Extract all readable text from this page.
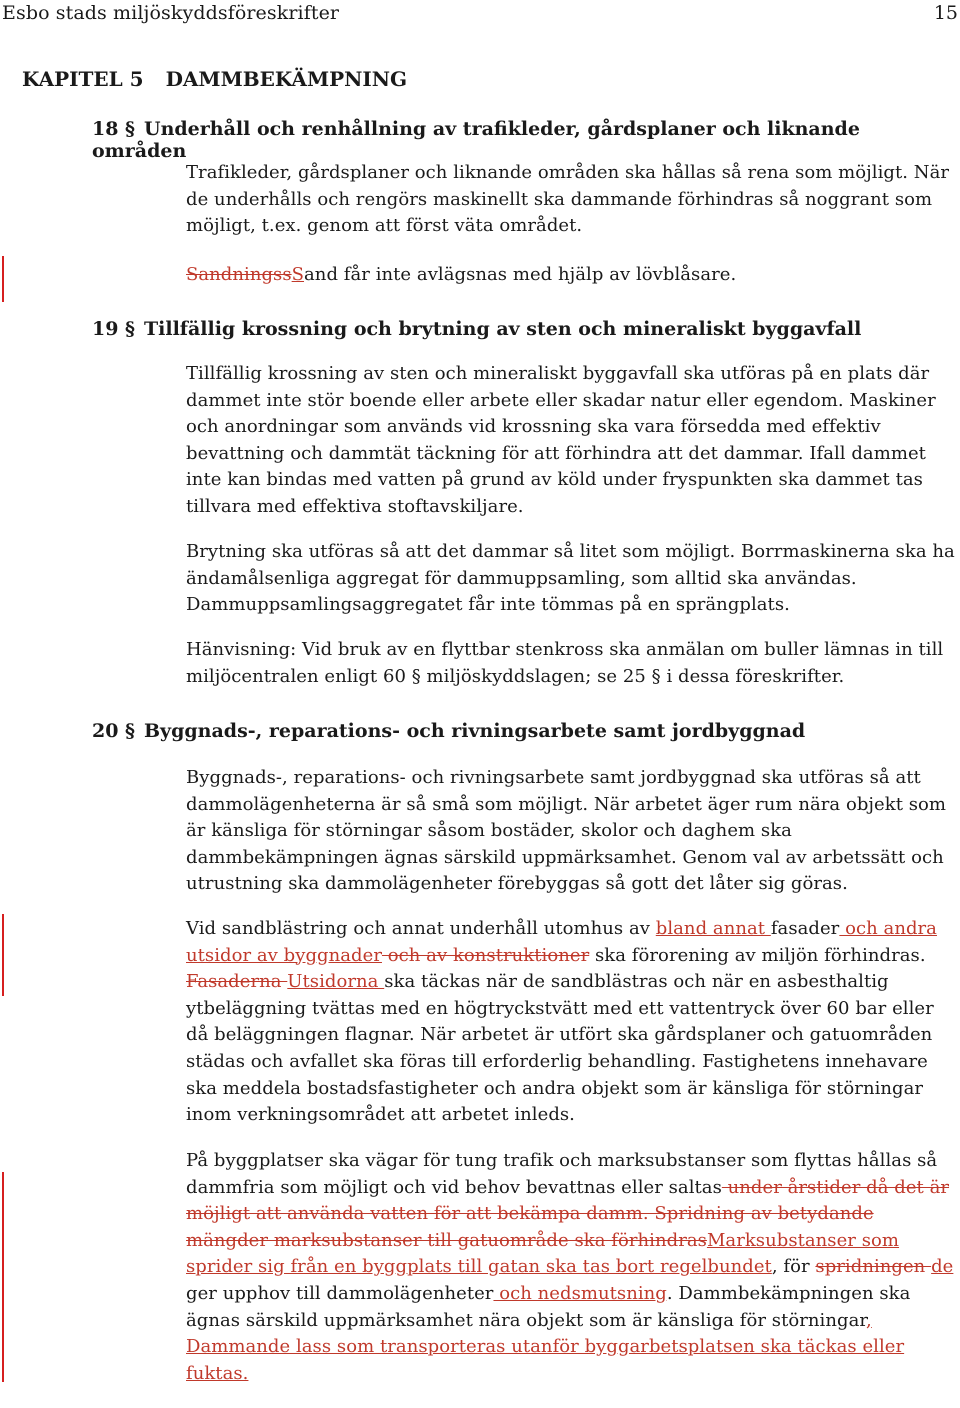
Esbo stads miljöskyddsföreskrifter	15
KAPITEL 5 DAMMBEKÄMPNING
18 § Underhåll och renhållning av trafikleder, gårdsplaner och liknande områden

Trafikleder, gårdsplaner och liknande områden ska hållas så rena som möjligt. När de underhålls och rengörs maskinellt ska dammande förhindras så noggrant som möjligt, t.ex. genom att först väta området.

SandningssSand får inte avlägsnas med hjälp av lövblåsare.

19 § Tillfällig krossning och brytning av sten och mineraliskt byggavfall

Tillfällig krossning av sten och mineraliskt byggavfall ska utföras på en plats där dammet inte stör boende eller arbete eller skadar natur eller egendom. Maskiner och anordningar som används vid krossning ska vara försedda med effektiv bevattning och dammtät täckning för att förhindra att det dammar. Ifall dammet inte kan bindas med vatten på grund av köld under fryspunkten ska dammet tas tillvara med effektiva stoftavskiljare.

Brytning ska utföras så att det dammar så litet som möjligt. Borrmaskinerna ska ha ändamålsenliga aggregat för dammuppsamling, som alltid ska användas. Dammuppsamlingsaggregatet får inte tömmas på en sprängplats.

Hänvisning: Vid bruk av en flyttbar stenkross ska anmälan om buller lämnas in till miljöcentralen enligt 60 § miljöskyddslagen; se 25 § i dessa föreskrifter.

20 § Byggnads-, reparations- och rivningsarbete samt jordbyggnad

Byggnads-, reparations- och rivningsarbete samt jordbyggnad ska utföras så att dammolägenheterna är så små som möjligt. När arbetet äger rum nära objekt som är känsliga för störningar såsom bostäder, skolor och daghem ska dammbekämpningen ägnas särskild uppmärksamhet. Genom val av arbetssätt och utrustning ska dammolägenheter förebyggas så gott det låter sig göras.

Vid sandblästring och annat underhåll utomhus av bland annat fasader och andra utsidor av byggnader och av konstruktioner ska förorening av miljön förhindras. Fasaderna Utsidorna ska täckas när de sandblästras och när en asbesthaltig ytbeläggning tvättas med en högtryckstvätt med ett vattentryck över 60 bar eller då beläggningen flagnar. När arbetet är utfört ska gårdsplaner och gatuområden städas och avfallet ska föras till erforderlig behandling. Fastighetens innehavare ska meddela bostadsfastigheter och andra objekt som är känsliga för störningar inom verkningsområdet att arbetet inleds.

På byggplatser ska vägar för tung trafik och marksubstanser som flyttas hållas så dammfria som möjligt och vid behov bevattnas eller saltas under årstider då det är möjligt att använda vatten för att bekämpa damm. Spridning av betydande mängder marksubstanser till gatuområde ska förhindrasMarksubstanser som sprider sig från en byggplats till gatan ska tas bort regelbundet, för spridningen de ger upphov till dammolägenheter och nedsmutsning. Dammbekämpningen ska ägnas särskild uppmärksamhet nära objekt som är känsliga för störningar, Dammande lass som transporteras utanför byggarbetsplatsen ska täckas eller fuktas.
